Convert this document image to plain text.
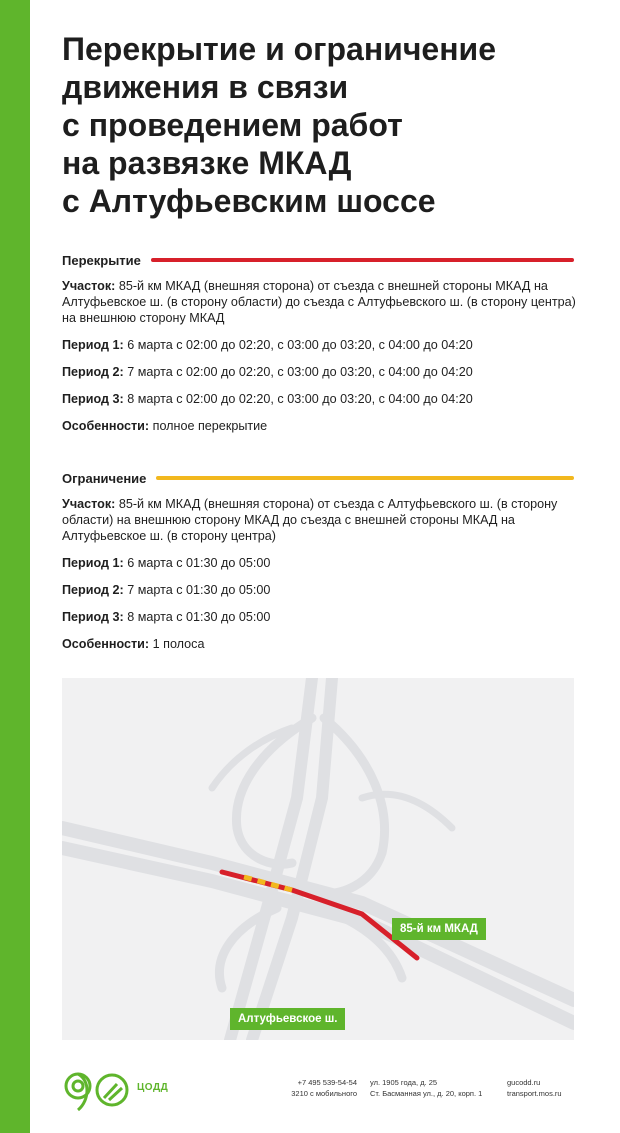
Перекрытие и ограничение
движения в связи
с проведением работ
на развязке МКАД
с Алтуфьевским шоссе
Перекрытие

Участок: 85-й км МКАД (внешняя сторона) от съезда с внешней стороны МКАД на Алтуфьевское ш. (в сторону области) до съезда с Алтуфьевского ш. (в сторону центра) на внешнюю сторону МКАД

Период 1: 6 марта с 02:00 до 02:20, с 03:00 до 03:20, с 04:00 до 04:20

Период 2: 7 марта с 02:00 до 02:20, с 03:00 до 03:20, с 04:00 до 04:20

Период 3: 8 марта с 02:00 до 02:20, с 03:00 до 03:20, с 04:00 до 04:20

Особенности: полное перекрытие

Ограничение

Участок: 85-й км МКАД (внешняя сторона) от съезда с Алтуфьевского ш. (в сторону области) на внешнюю сторону МКАД до съезда с внешней стороны МКАД на Алтуфьевское ш. (в сторону центра)

Период 1: 6 марта с 01:30 до 05:00

Период 2: 7 марта с 01:30 до 05:00

Период 3: 8 марта с 01:30 до 05:00

Особенности: 1 полоса

85-й км МКАД
Алтуфьевское ш.
ЦОДД	+7 495 539-54-54
3210 с мобильного
ул. 1905 года, д. 25
Ст. Басманная ул., д. 20, корп. 1
gucodd.ru
transport.mos.ru
